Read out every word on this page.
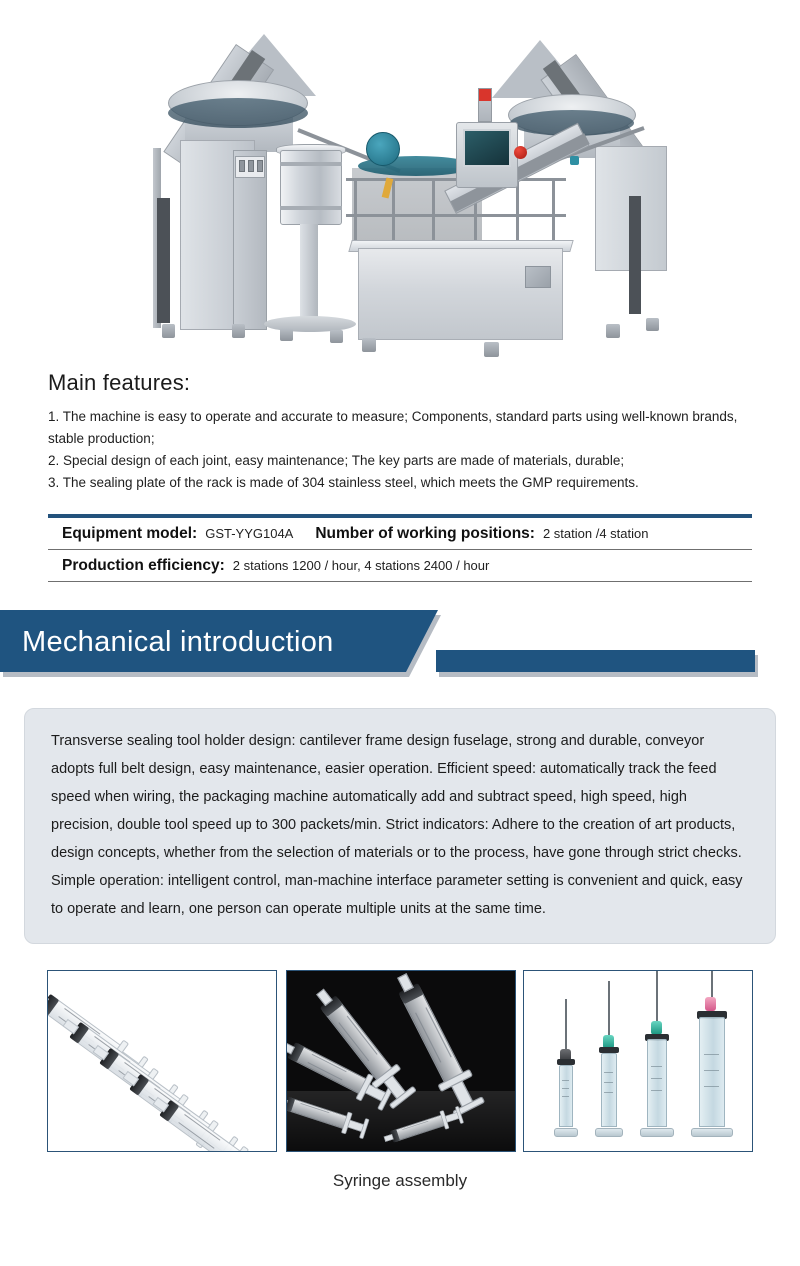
Main features:
1. The machine is easy to operate and accurate to measure; Components, standard parts using well-known brands, stable production;
2. Special design of each joint, easy maintenance; The key parts are made of materials, durable;
3. The sealing plate of the rack is made of 304 stainless steel, which meets the GMP requirements.
Equipment model: GST-YYG104A Number of working positions: 2 station /4 station
Production efficiency: 2 stations 1200 / hour, 4 stations 2400 / hour
Mechanical introduction
Transverse sealing tool holder design: cantilever frame design fuselage, strong and durable, conveyor adopts full belt design, easy maintenance, easier operation. Efficient speed: automatically track the feed speed when wiring, the packaging machine automatically add and subtract speed, high speed, high precision, double tool speed up to 300 packets/min. Strict indicators: Adhere to the creation of art products, design concepts, whether from the selection of materials or to the process, have gone through strict checks. Simple operation: intelligent control, man-machine interface parameter setting is convenient and quick, easy to operate and learn, one person can operate multiple units at the same time.
Syringe assembly
